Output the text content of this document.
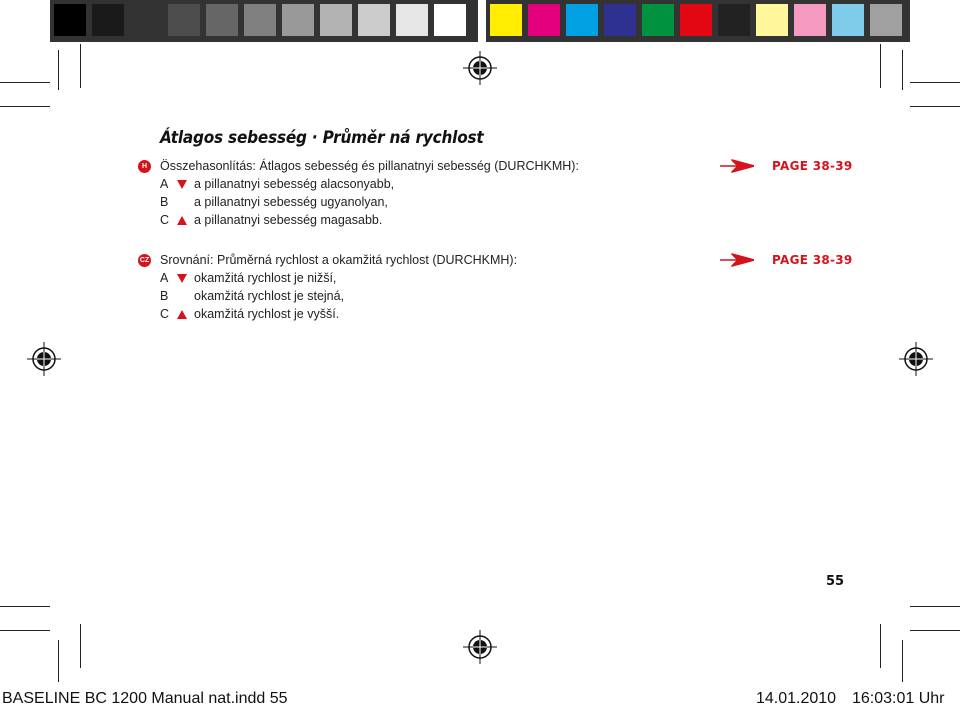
Átlagos sebesség · Průměr ná rychlost
H	Összehasonlítás: Átlagos sebesség és pillanatnyi sebesség (DURCHKMH):
A	a pillanatnyi sebesség alacsonyabb,
B	a pillanatnyi sebesség ugyanolyan,
C	a pillanatnyi sebesség magasabb.
PAGE 38-39
CZ Srovnání: Průměrná rychlost a okamžitá rychlost (DURCHKMH):
A	okamžitá rychlost je nižší,
B	okamžitá rychlost je stejná,
C	okamžitá rychlost je vyšší.
PAGE 38-39
55
BASELINE BC 1200 Manual nat.indd 55	14.01.2010 16:03:01 Uhr
